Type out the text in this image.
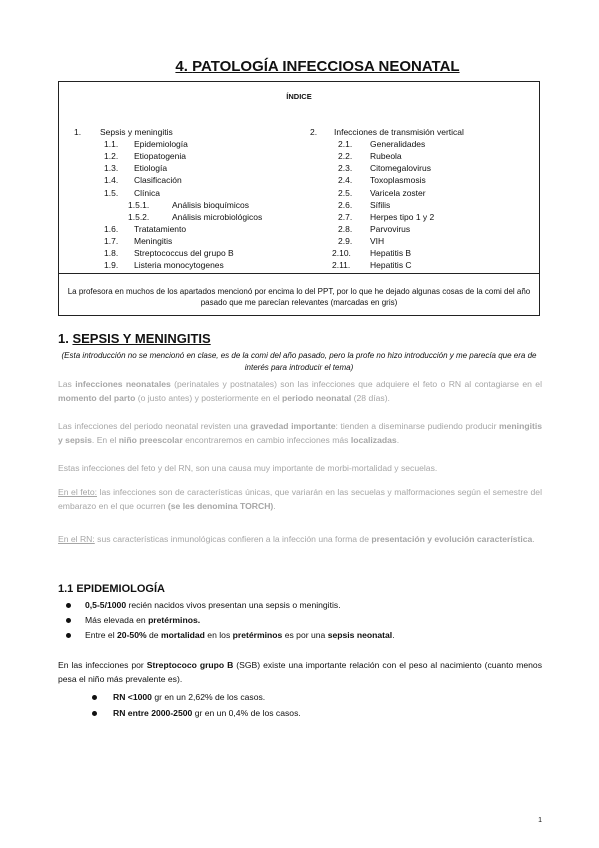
4. PATOLOGÍA INFECCIOSA NEONATAL
ÍNDICE
1. Sepsis y meningitis
1.1. Epidemiología
1.2. Etiopatogenia
1.3. Etiología
1.4. Clasificación
1.5. Clínica
1.5.1.	Análisis bioquímicos
1.5.2.	Análisis microbiológicos
1.6. Tratatamiento
1.7. Meningitis
1.8. Streptococcus del grupo B
1.9. Listeria monocytogenes
2. Infecciones de transmisión vertical
2.1. Generalidades
2.2. Rubeola
2.3. Citomegalovirus
2.4. Toxoplasmosis
2.5. Varicela zoster
2.6. Sífilis
2.7. Herpes tipo 1 y 2
2.8. Parvovirus
2.9. VIH
2.10. Hepatitis B
2.11. Hepatitis C
La profesora en muchos de los apartados mencionó por encima lo del PPT, por lo que he dejado algunas cosas de la comi del año pasado que me parecían relevantes (marcadas en gris)
1. SEPSIS Y MENINGITIS
(Esta introducción no se mencionó en clase, es de la comi del año pasado, pero la profe no hizo introducción y me parecía que era de interés para introducir el tema)
Las infecciones neonatales (perinatales y postnatales) son las infecciones que adquiere el feto o RN al contagiarse en el momento del parto (o justo antes) y posteriormente en el periodo neonatal (28 días).
Las infecciones del periodo neonatal revisten una gravedad importante: tienden a diseminarse pudiendo producir meningitis y sepsis. En el niño preescolar encontraremos en cambio infecciones más localizadas.
Estas infecciones del feto y del RN, son una causa muy importante de morbi-mortalidad y secuelas.
En el feto: las infecciones son de características únicas, que variarán en las secuelas y malformaciones según el semestre del embarazo en el que ocurren (se les denomina TORCH).
En el RN: sus características inmunológicas confieren a la infección una forma de presentación y evolución característica.
1.1 EPIDEMIOLOGÍA
0,5-5/1000 recién nacidos vivos presentan una sepsis o meningitis.
Más elevada en pretérminos.
Entre el 20-50% de mortalidad en los pretérminos es por una sepsis neonatal.
En las infecciones por Streptococo grupo B (SGB) existe una importante relación con el peso al nacimiento (cuanto menos pesa el niño más prevalente es).
RN <1000 gr en un 2,62% de los casos.
RN entre 2000-2500 gr en un 0,4% de los casos.
1
